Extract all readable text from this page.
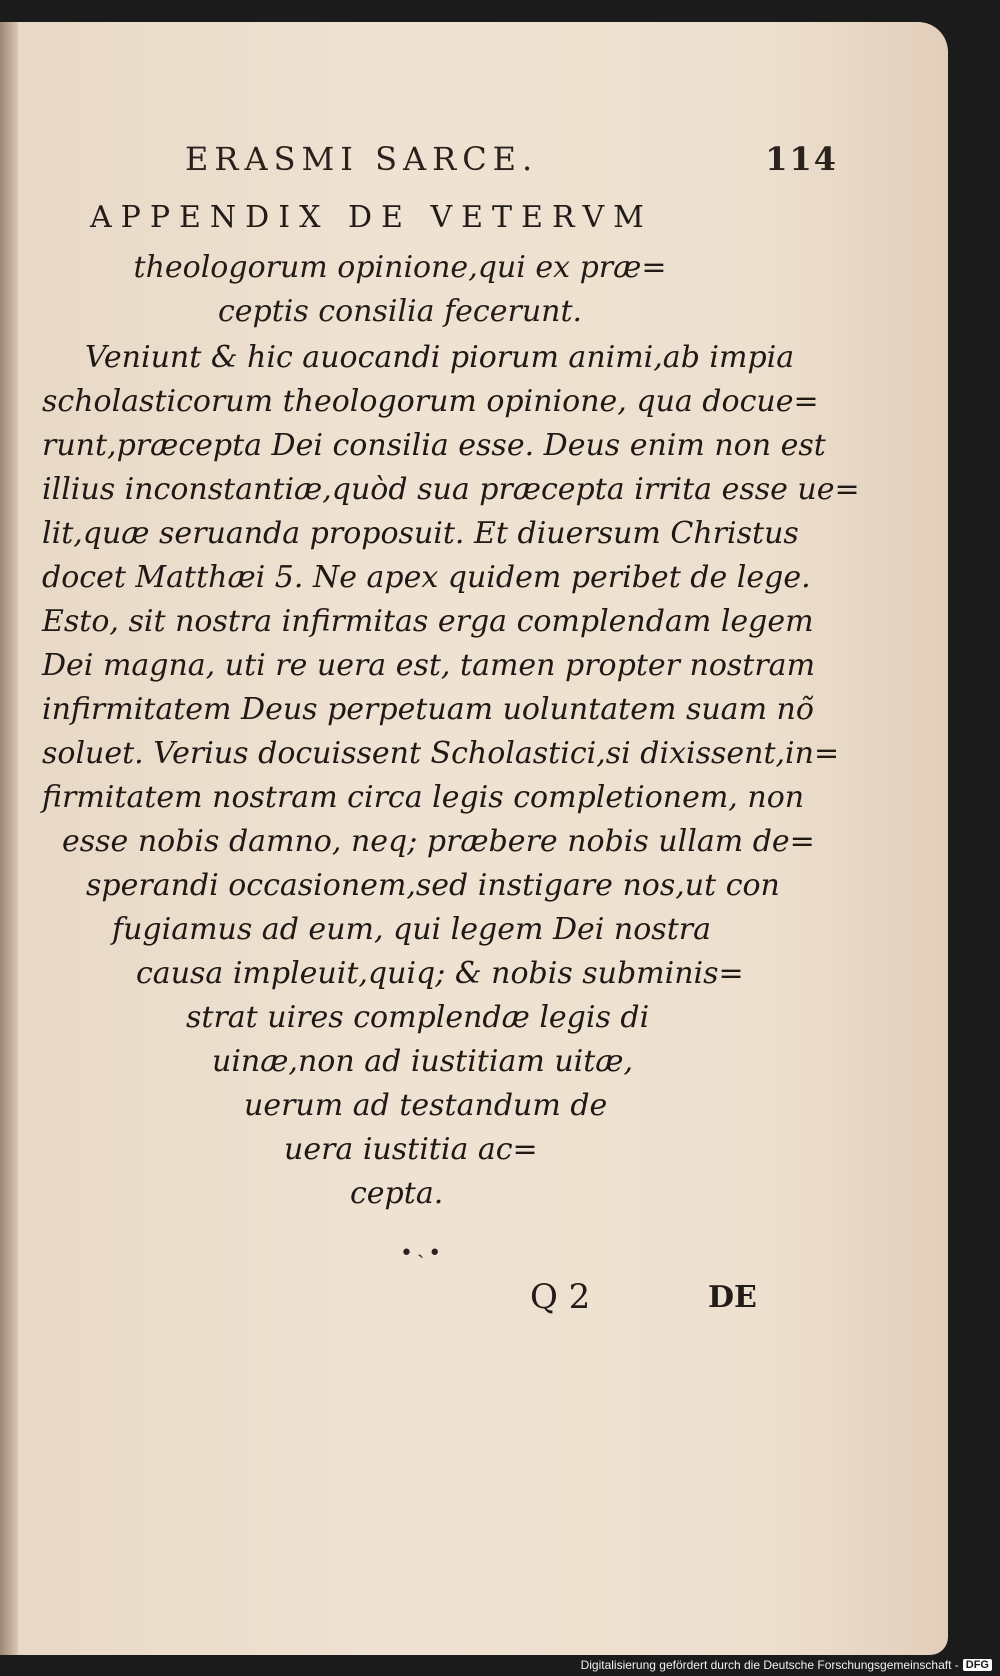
ERASMI SARCE.	114
APPENDIX DE VETERVM
theologorum opinione,qui ex præ=
ceptis consilia fecerunt.
Veniunt & hic auocandi piorum animi,ab impia
scholasticorum theologorum opinione, qua docue=
runt,præcepta Dei consilia esse. Deus enim non est
illius inconstantiæ,quòd sua præcepta irrita esse ue=
lit,quæ seruanda proposuit. Et diuersum Christus
docet Matthæi 5. Ne apex quidem peribet de lege.
Esto, sit nostra infirmitas erga complendam legem
Dei magna, uti re uera est, tamen propter nostram
infirmitatem Deus perpetuam uoluntatem suam nõ
soluet. Verius docuissent Scholastici,si dixissent,in=
firmitatem nostram circa legis completionem, non
esse nobis damno, neq; præbere nobis ullam de=
sperandi occasionem,sed instigare nos,ut con
fugiamus ad eum, qui legem Dei nostra
causa impleuit,quiq; & nobis subminis=
strat uires complendæ legis di
uinæ,non ad iustitiam uitæ,
uerum ad testandum de
uera iustitia ac=
cepta.
•˴•
Q 2	DE
Digitalisierung gefördert durch die Deutsche Forschungsgemeinschaft - DFG
